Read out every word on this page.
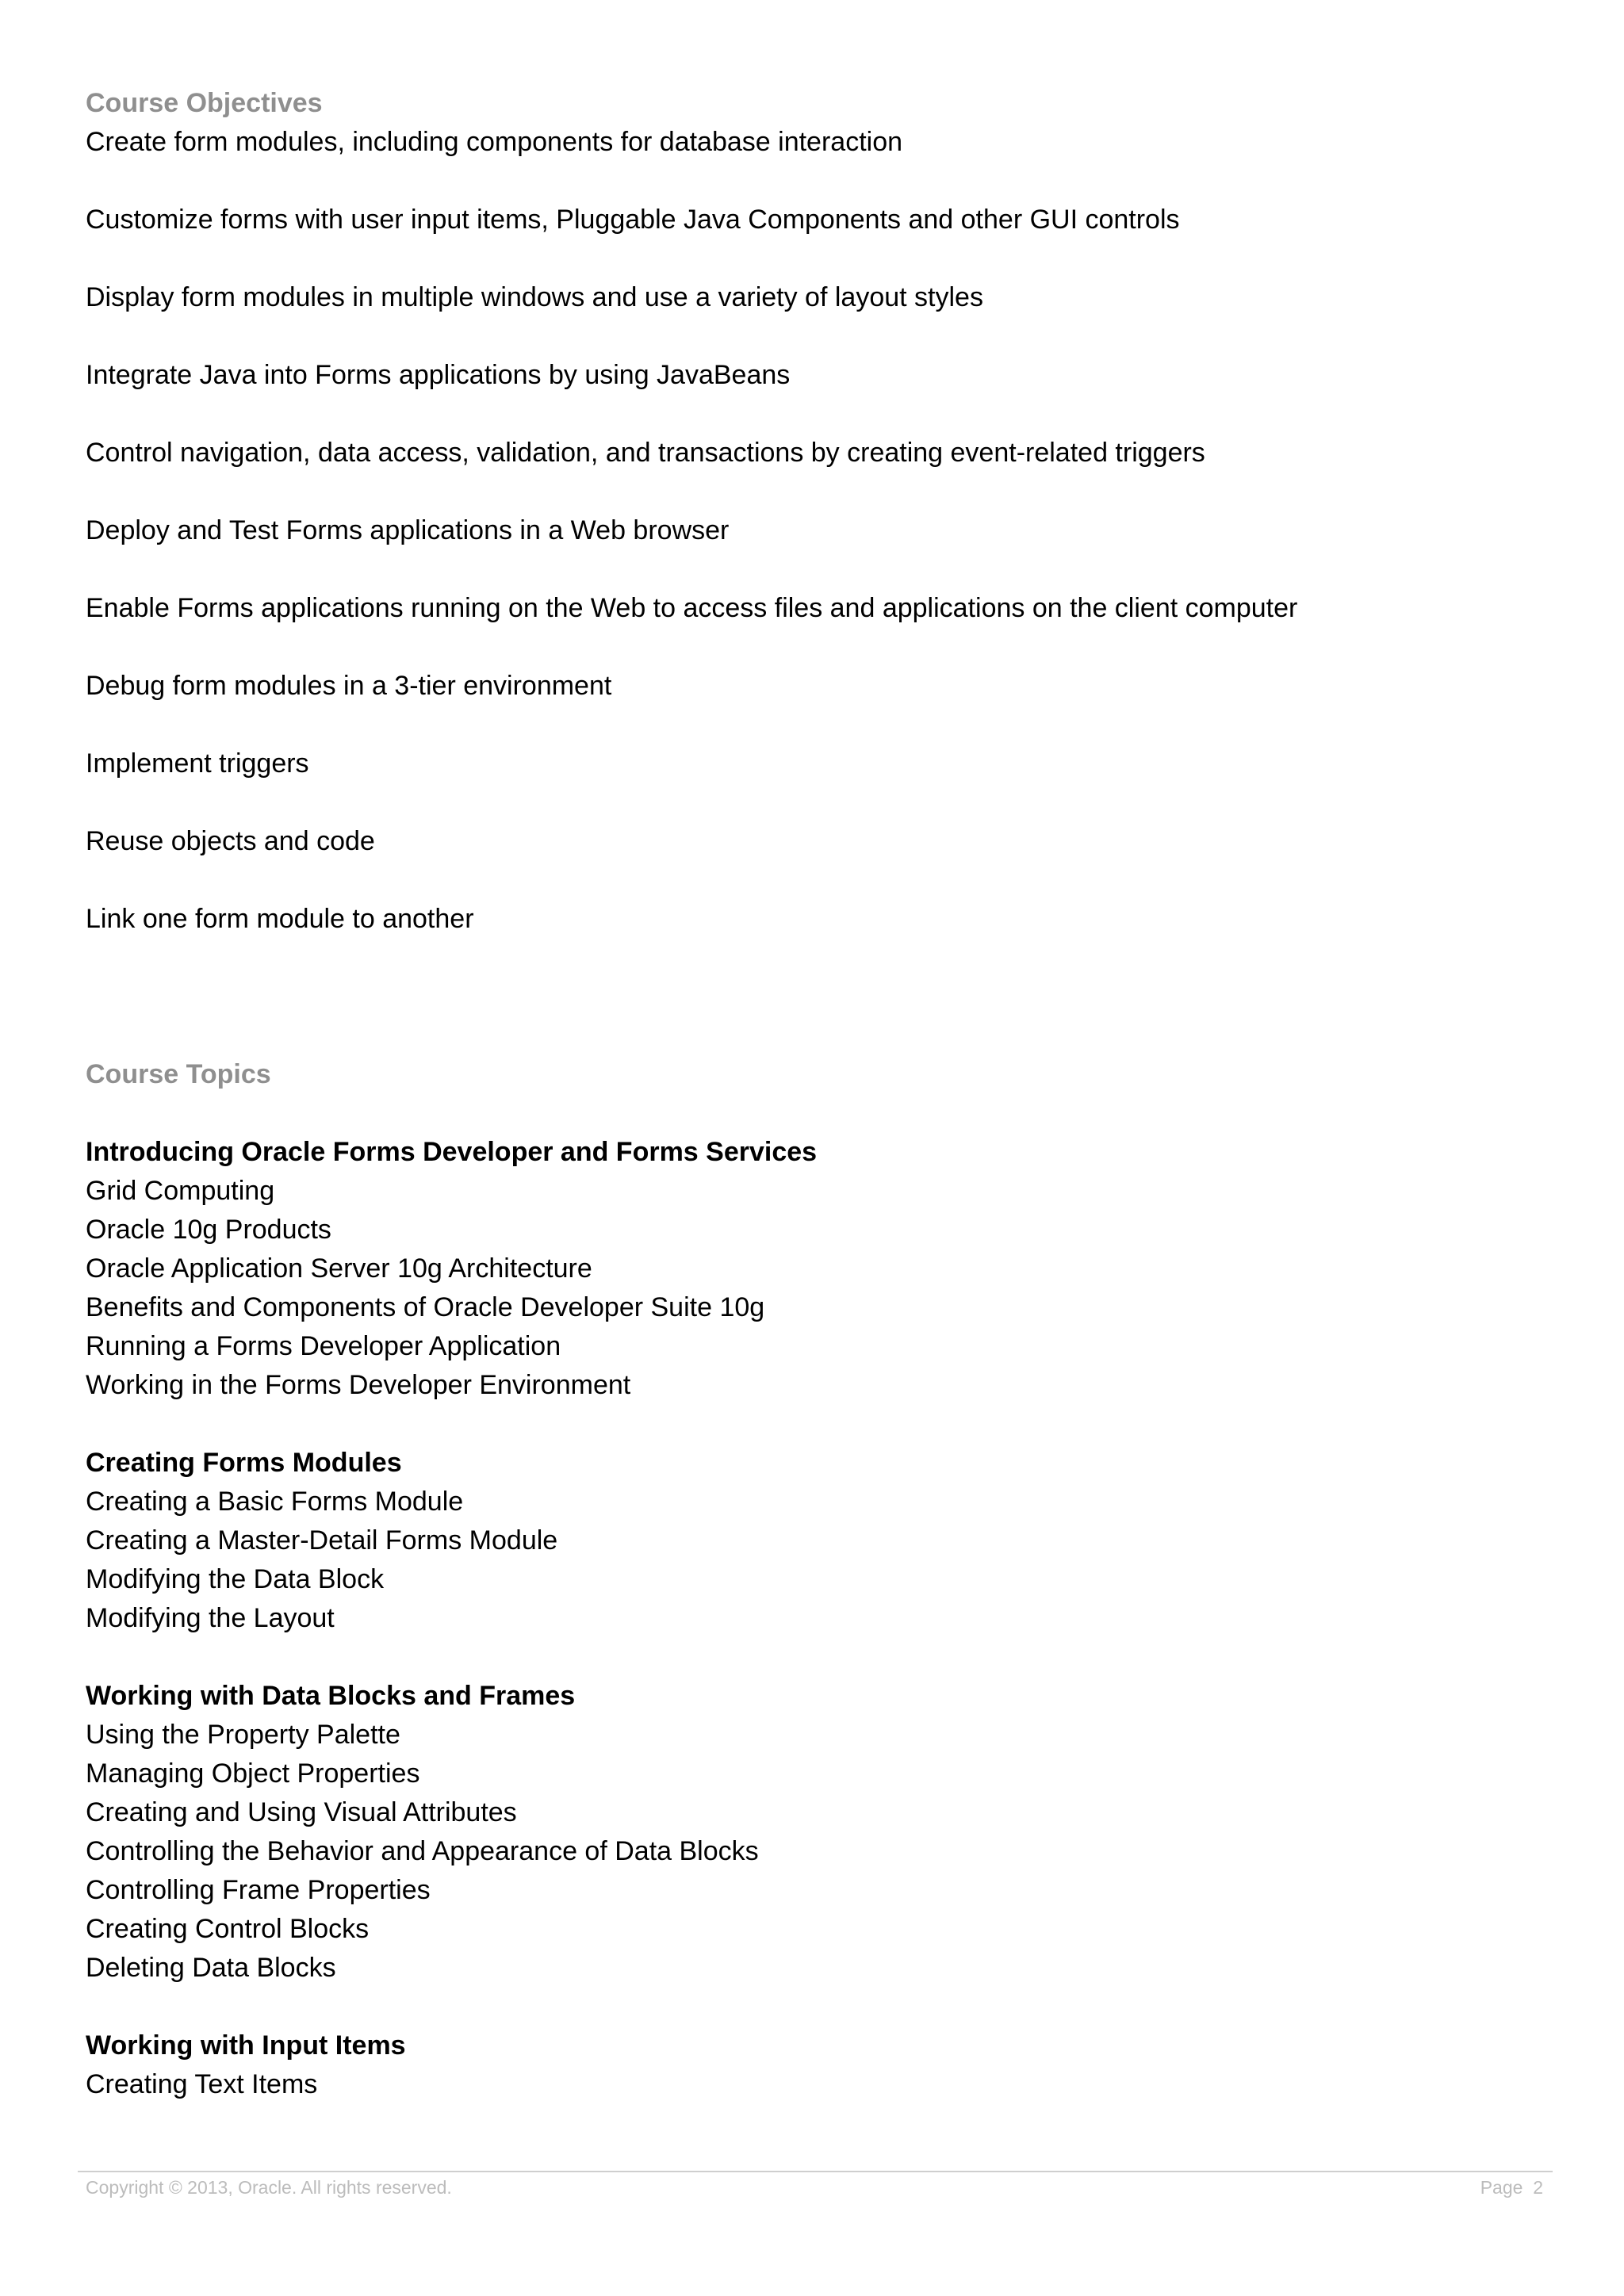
Course Objectives
Create form modules, including components for database interaction
Customize forms with user input items, Pluggable Java Components and other GUI controls
Display form modules in multiple windows and use a variety of layout styles
Integrate Java into Forms applications by using JavaBeans
Control navigation, data access, validation, and transactions by creating event-related triggers
Deploy and Test Forms applications in a Web browser
Enable Forms applications running on the Web to access files and applications on the client computer
Debug form modules in a 3-tier environment
Implement triggers
Reuse objects and code
Link one form module to another
Course Topics
Introducing Oracle Forms Developer and Forms Services
Grid Computing
Oracle 10g Products
Oracle Application Server 10g Architecture
Benefits and Components of Oracle Developer Suite 10g
Running a Forms Developer Application
Working in the Forms Developer Environment
Creating Forms Modules
Creating a Basic Forms Module
Creating a Master-Detail Forms Module
Modifying the Data Block
Modifying the Layout
Working with Data Blocks and Frames
Using the Property Palette
Managing Object Properties
Creating and Using Visual Attributes
Controlling the Behavior and Appearance of Data Blocks
Controlling Frame Properties
Creating Control Blocks
Deleting Data Blocks
Working with Input Items
Creating Text Items
Copyright © 2013, Oracle. All rights reserved.	Page  2
